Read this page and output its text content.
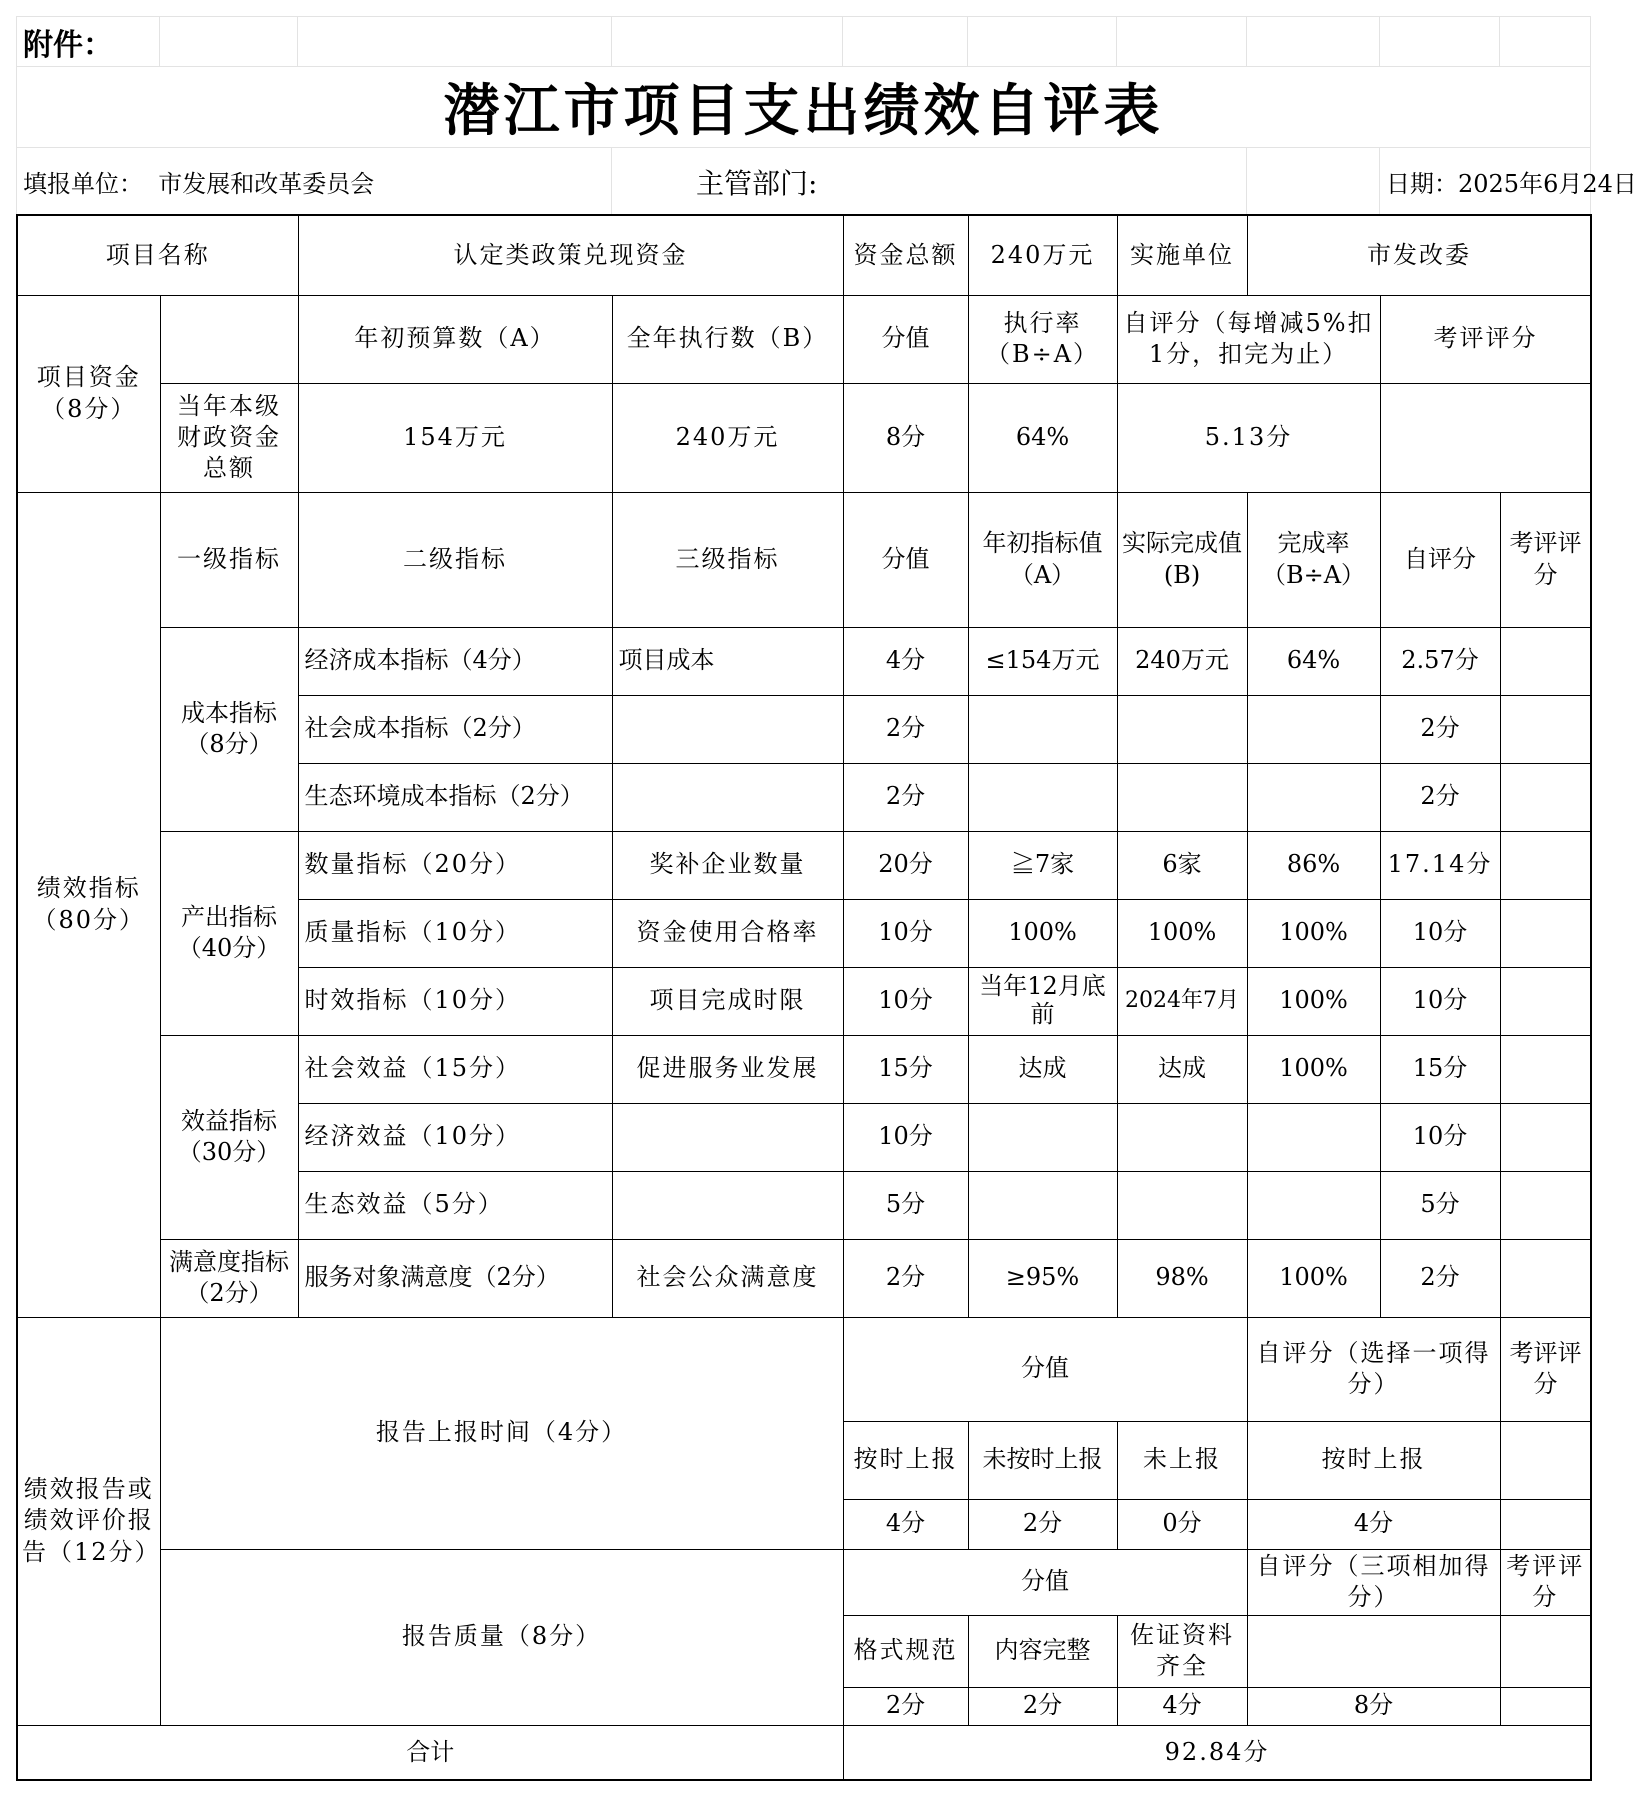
附件：									
潜江市项目支出绩效自评表									
填报单位： 市发展和改革委员会			主管部门:					日期：2025年6月24日	
项目名称		认定类政策兑现资金		资金总额	240万元	实施单位	市发改委			
项目资金（8分）		年初预算数（A）	全年执行数（B）	分值	执行率（B÷A）	自评分（每增减5%扣1分，扣完为止）		考评评分		
	当年本级财政资金总额	154万元	240万元	8分	64%	5.13分				
绩效指标（80分）	一级指标	二级指标	三级指标	分值	年初指标值（A）	实际完成值(B)	完成率（B÷A）	自评分	考评评分	
	成本指标（8分）	经济成本指标（4分）	项目成本	4分	≤154万元	240万元	64%	2.57分		
		社会成本指标（2分）		2分				2分		
		生态环境成本指标（2分）		2分				2分		
	产出指标（40分）	数量指标（20分）	奖补企业数量	20分	≧7家	6家	86%	17.14分		
		质量指标（10分）	资金使用合格率	10分	100%	100%	100%	10分		
		时效指标（10分）	项目完成时限	10分	当年12月底前	2024年7月	100%	10分		
	效益指标（30分）	社会效益（15分）	促进服务业发展	15分	达成	达成	100%	15分		
		经济效益（10分）		10分				10分		
		生态效益（5分）		5分				5分		
	满意度指标（2分）	服务对象满意度（2分）	社会公众满意度	2分	≥95%	98%	100%	2分		
绩效报告或绩效评价报告（12分）	报告上报时间（4分）			分值			自评分（选择一项得分）		考评评分	
				按时上报	未按时上报	未上报	按时上报			
				4分	2分	0分	4分			
	报告质量（8分）			分值			自评分（三项相加得分）		考评评分	
				格式规范	内容完整	佐证资料齐全				
				2分	2分	4分	8分			
合计				92.84分						
